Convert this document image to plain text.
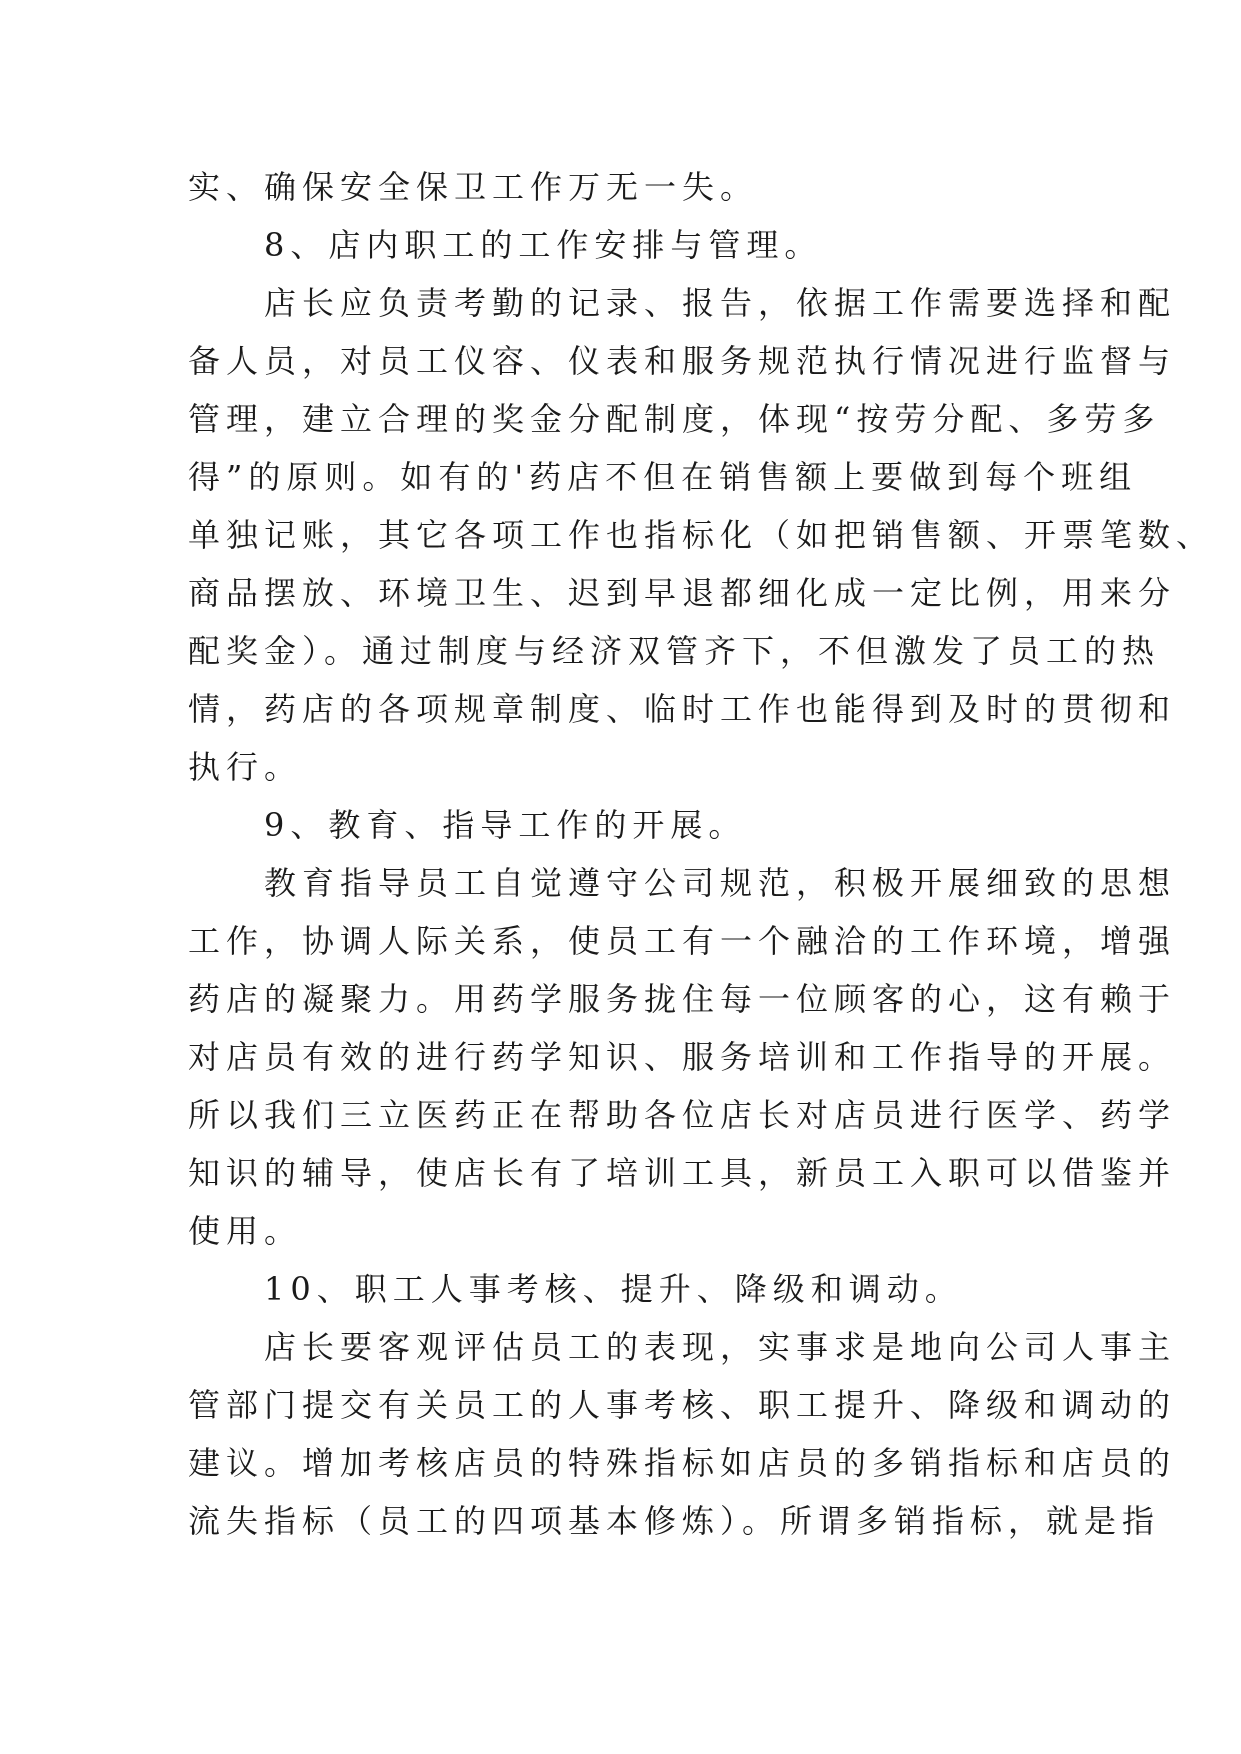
实、确保安全保卫工作万无一失。
8、店内职工的工作安排与管理。
店长应负责考勤的记录、报告，依据工作需要选择和配
备人员，对员工仪容、仪表和服务规范执行情况进行监督与
管理，建立合理的奖金分配制度，体现“按劳分配、多劳多
得”的原则。如有的'药店不但在销售额上要做到每个班组
单独记账，其它各项工作也指标化（如把销售额、开票笔数、
商品摆放、环境卫生、迟到早退都细化成一定比例，用来分
配奖金）。通过制度与经济双管齐下，不但激发了员工的热
情，药店的各项规章制度、临时工作也能得到及时的贯彻和
执行。
9、教育、指导工作的开展。
教育指导员工自觉遵守公司规范，积极开展细致的思想
工作，协调人际关系，使员工有一个融洽的工作环境，增强
药店的凝聚力。用药学服务拢住每一位顾客的心，这有赖于
对店员有效的进行药学知识、服务培训和工作指导的开展。
所以我们三立医药正在帮助各位店长对店员进行医学、药学
知识的辅导，使店长有了培训工具，新员工入职可以借鉴并
使用。
10、职工人事考核、提升、降级和调动。
店长要客观评估员工的表现，实事求是地向公司人事主
管部门提交有关员工的人事考核、职工提升、降级和调动的
建议。增加考核店员的特殊指标如店员的多销指标和店员的
流失指标（员工的四项基本修炼）。所谓多销指标，就是指
